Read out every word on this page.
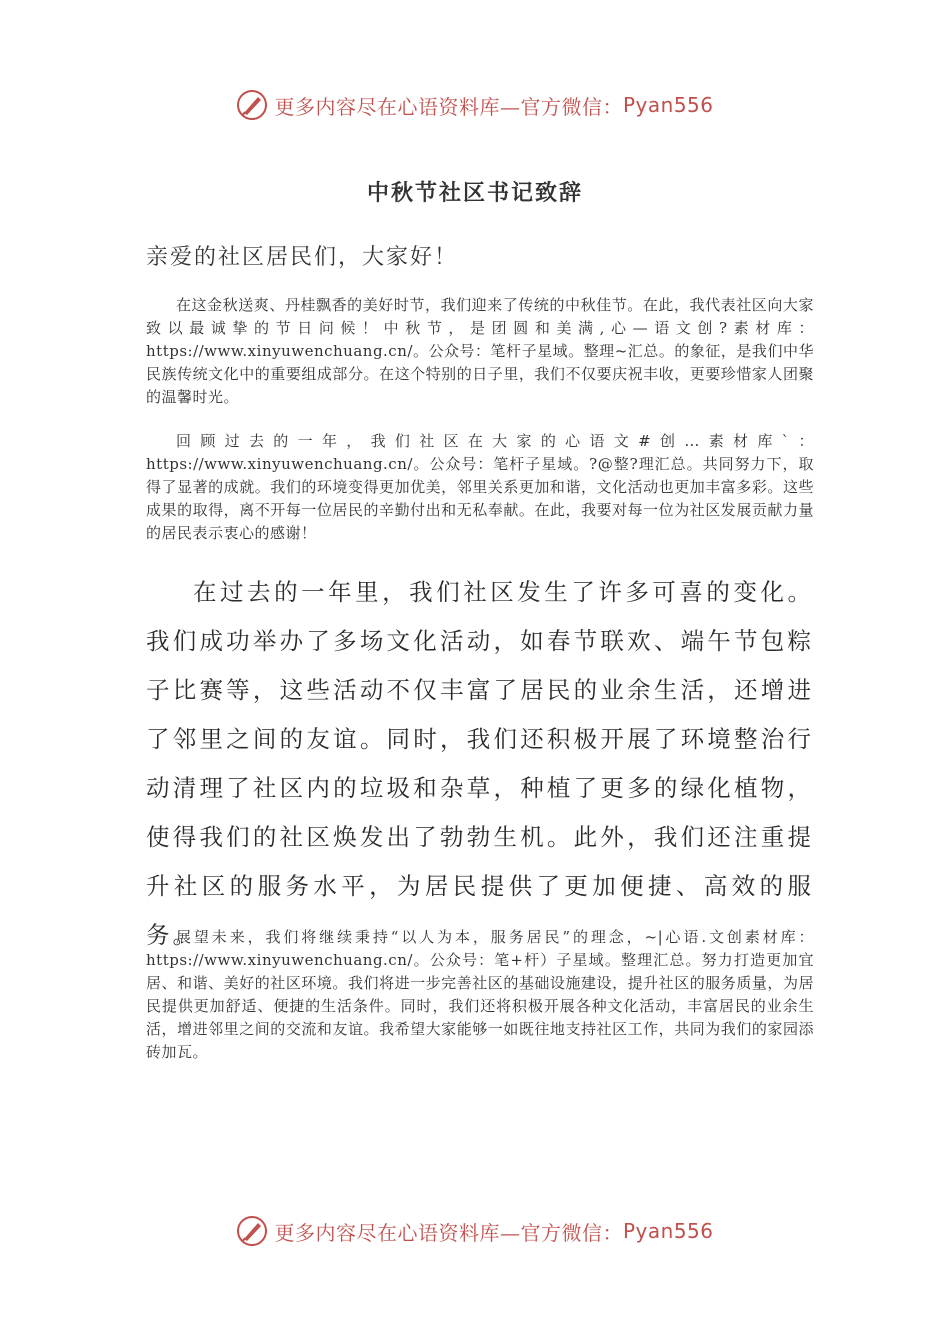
更多内容尽在心语资料库—官方微信： Pyan556
中秋节社区书记致辞
亲爱的社区居民们，大家好！

在这金秋送爽、丹桂飘香的美好时节，我们迎来了传统的中秋佳节。在此，我代表社区向大家致以最诚挚的节日问候！中秋节，是团圆和美满,心—语文创?素材库：https://www.xinyuwenchuang.cn/。公众号：笔杆子星域。整理~汇总。的象征，是我们中华民族传统文化中的重要组成部分。在这个特别的日子里，我们不仅要庆祝丰收，更要珍惜家人团聚的温馨时光。

回顾过去的一年，我们社区在大家的心语文#创…素材库`：https://www.xinyuwenchuang.cn/。公众号：笔杆子星域。?@整?理汇总。共同努力下，取得了显著的成就。我们的环境变得更加优美，邻里关系更加和谐，文化活动也更加丰富多彩。这些成果的取得，离不开每一位居民的辛勤付出和无私奉献。在此，我要对每一位为社区发展贡献力量的居民表示衷心的感谢！

在过去的一年里，我们社区发生了许多可喜的变化。我们成功举办了多场文化活动，如春节联欢、端午节包粽子比赛等，这些活动不仅丰富了居民的业余生活，还增进了邻里之间的友谊。同时，我们还积极开展了环境整治行动清理了社区内的垃圾和杂草，种植了更多的绿化植物，使得我们的社区焕发出了勃勃生机。此外，我们还注重提升社区的服务水平，为居民提供了更加便捷、高效的服务。

展望未来，我们将继续秉持“以人为本，服务居民”的理念，~|心语.文创素材库：https://www.xinyuwenchuang.cn/。公众号：笔+杆）子星域。整理汇总。努力打造更加宜居、和谐、美好的社区环境。我们将进一步完善社区的基础设施建设，提升社区的服务质量，为居民提供更加舒适、便捷的生活条件。同时，我们还将积极开展各种文化活动，丰富居民的业余生活，增进邻里之间的交流和友谊。我希望大家能够一如既往地支持社区工作，共同为我们的家园添砖加瓦。

更多内容尽在心语资料库—官方微信： Pyan556
